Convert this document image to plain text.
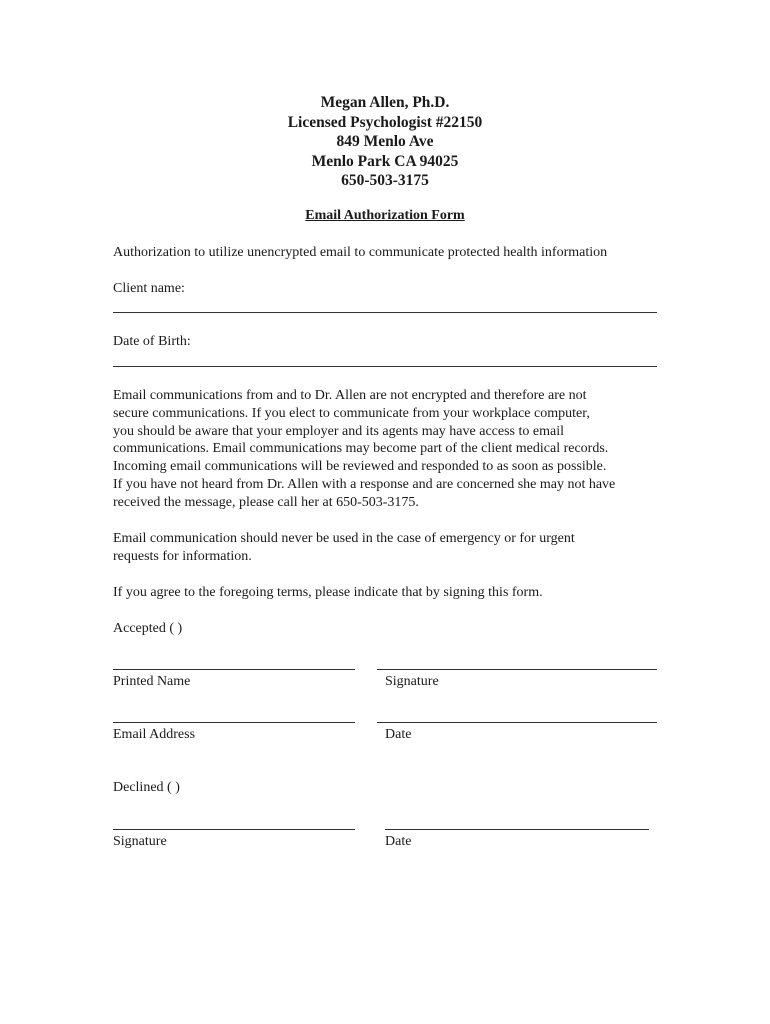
Megan Allen, Ph.D.
Licensed Psychologist #22150
849 Menlo Ave
Menlo Park CA 94025
650-503-3175
Email Authorization Form
Authorization to utilize unencrypted email to communicate protected health information
Client name:
Date of Birth:
Email communications from and to Dr. Allen are not encrypted and therefore are not
secure communications. If you elect to communicate from your workplace computer,
you should be aware that your employer and its agents may have access to email
communications. Email communications may become part of the client medical records.
Incoming email communications will be reviewed and responded to as soon as possible.
If you have not heard from Dr. Allen with a response and are concerned she may not have
received the message, please call her at 650-503-3175.
Email communication should never be used in the case of emergency or for urgent
requests for information.
If you agree to the foregoing terms, please indicate that by signing this form.
Accepted ( )
Printed Name	Signature
Email Address	Date
Declined ( )
Signature	Date
